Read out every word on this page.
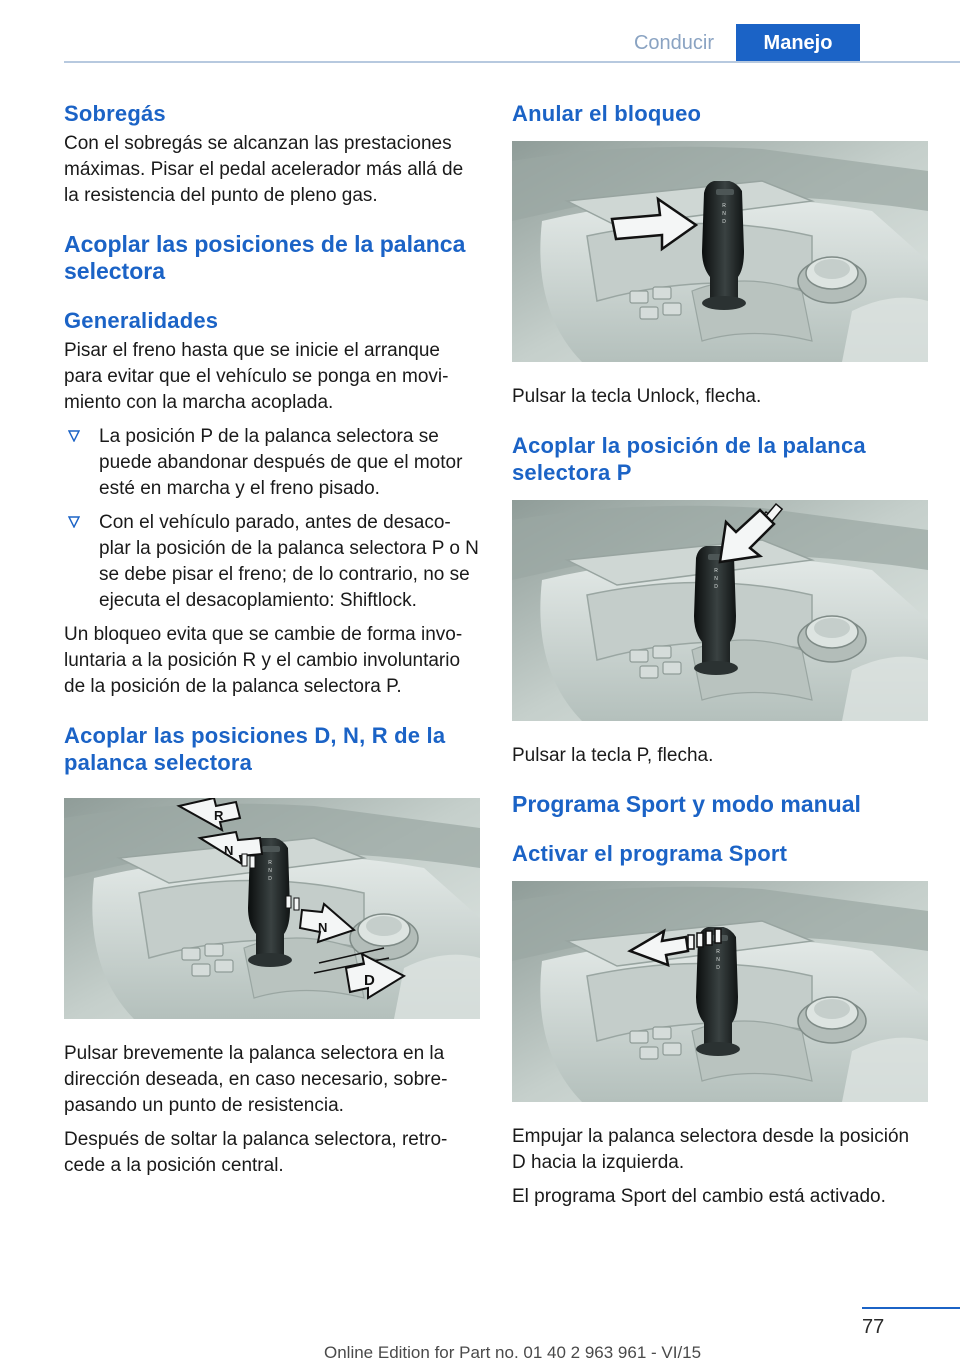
Conducir	Manejo
Sobregás

Con el sobregás se alcanzan las prestaciones máximas. Pisar el pedal acelerador más allá de la resistencia del punto de pleno gas.

Acoplar las posiciones de la palanca selectora
Generalidades

Pisar el freno hasta que se inicie el arranque para evitar que el vehículo se ponga en movi-miento con la marcha acoplada.

La posición P de la palanca selectora se puede abandonar después de que el motor esté en marcha y el freno pisado.
Con el vehículo parado, antes de desaco-plar la posición de la palanca selectora P o N se debe pisar el freno; de lo contrario, no se ejecuta el desacoplamiento: Shiftlock.

Un bloqueo evita que se cambie de forma invo-luntaria a la posición R y el cambio involuntario de la posición de la palanca selectora P.

Acoplar las posiciones D, N, R de la palanca selectora
R
N
N
D

Pulsar brevemente la palanca selectora en la dirección deseada, en caso necesario, sobre-pasando un punto de resistencia.

Después de soltar la palanca selectora, retro-cede a la posición central.

Anular el bloqueo

Pulsar la tecla Unlock, flecha.

Acoplar la posición de la palanca selectora P

Pulsar la tecla P, flecha.

Programa Sport y modo manual
Activar el programa Sport

Empujar la palanca selectora desde la posición D hacia la izquierda.

El programa Sport del cambio está activado.

77
Online Edition for Part no. 01 40 2 963 961 - VI/15
